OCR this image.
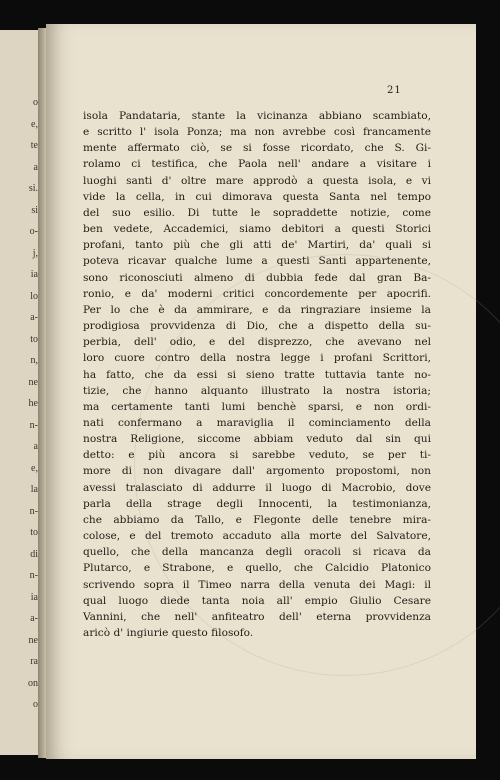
o
e,
te
a
si.
si
o-
j,
ia
lo
a-
to
n,
ne
he
n-
a
e,
la
n-
to
di
n-
ia
a-
ne
ra
on
o
21
isola Pandataria, stante la vicinanza abbiano scambiato,
e scritto l' isola Ponza; ma non avrebbe così francamente
mente affermato ciò, se si fosse ricordato, che S. Gi-
rolamo ci testifica, che Paola nell' andare a visitare i
luoghi santi d' oltre mare approdò a questa isola, e vi
vide la cella, in cui dimorava questa Santa nel tempo
del suo esilio. Di tutte le sopraddette notizie, come
ben vedete, Accademici, siamo debitori a questi Storici
profani, tanto più che gli atti de' Martiri, da' quali si
poteva ricavar qualche lume a questi Santi appartenente,
sono riconosciuti almeno di dubbia fede dal gran Ba-
ronio, e da' moderni critici concordemente per apocrifi.
Per lo che è da ammirare, e da ringraziare insieme la
prodigiosa provvidenza di Dio, che a dispetto della su-
perbia, dell' odio, e del disprezzo, che avevano nel
loro cuore contro della nostra legge i profani Scrittori,
ha fatto, che da essi si sieno tratte tuttavia tante no-
tizie, che hanno alquanto illustrato la nostra istoria;
ma certamente tanti lumi benchè sparsi, e non ordi-
nati confermano a maraviglia il cominciamento della
nostra Religione, siccome abbiam veduto dal sin qui
detto: e più ancora si sarebbe veduto, se per ti-
more di non divagare dall' argomento propostomi, non
avessi tralasciato di addurre il luogo di Macrobio, dove
parla della strage degli Innocenti, la testimonianza,
che abbiamo da Tallo, e Flegonte delle tenebre mira-
colose, e del tremoto accaduto alla morte del Salvatore,
quello, che della mancanza degli oracoli si ricava da
Plutarco, e Strabone, e quello, che Calcidio Platonico
scrivendo sopra il Timeo narra della venuta dei Magi: il
qual luogo diede tanta noia all' empio Giulio Cesare
Vannini, che nell' anfiteatro dell' eterna provvidenza
aricò d' ingiurie questo filosofo.
